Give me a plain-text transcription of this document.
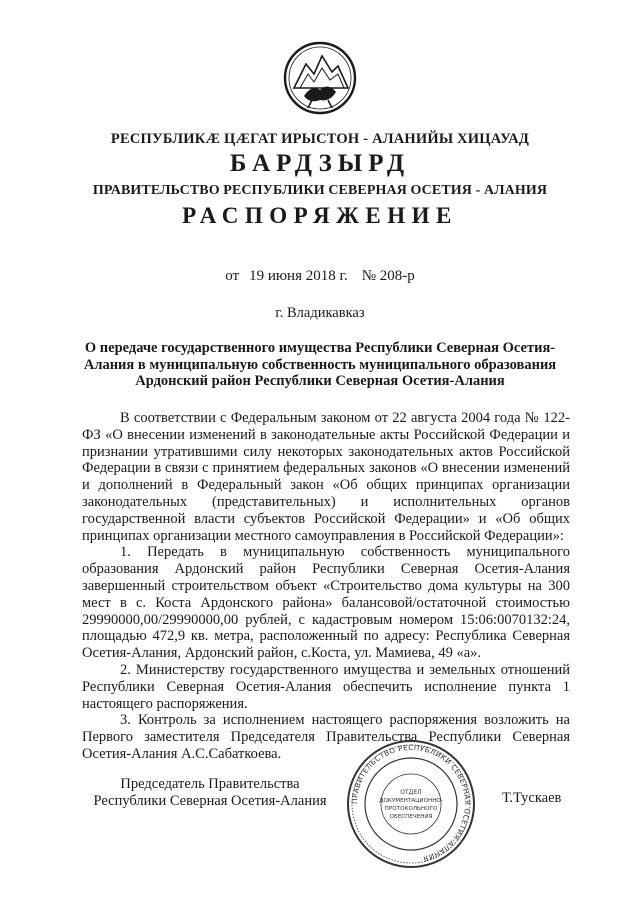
РЕСПУБЛИКÆ ЦÆГАТ ИРЫСТОН - АЛАНИЙЫ ХИЦАУАД
БАРДЗЫРД
ПРАВИТЕЛЬСТВО РЕСПУБЛИКИ СЕВЕРНАЯ ОСЕТИЯ - АЛАНИЯ
РАСПОРЯЖЕНИЕ
от 19 июня 2018 г. № 208-р
г. Владикавказ
О передаче государственного имущества Республики Северная Осетия-Алания в муниципальную собственность муниципального образования Ардонский район Республики Северная Осетия-Алания

В соответствии с Федеральным законом от 22 августа 2004 года № 122-ФЗ «О внесении изменений в законодательные акты Российской Федерации и признании утратившими силу некоторых законодательных актов Российской Федерации в связи с принятием федеральных законов «О внесении изменений и дополнений в Федеральный закон «Об общих принципах организации законодательных (представительных) и исполнительных органов государственной власти субъектов Российской Федерации» и «Об общих принципах организации местного самоуправления в Российской Федерации»:

1. Передать в муниципальную собственность муниципального образования Ардонский район Республики Северная Осетия-Алания завершенный строительством объект «Строительство дома культуры на 300 мест в с. Коста Ардонского района» балансовой/остаточной стоимостью 29990000,00/29990000,00 рублей, с кадастровым номером 15:06:0070132:24, площадью 472,9 кв. метра, расположенный по адресу: Республика Северная Осетия-Алания, Ардонский район, с.Коста, ул. Мамиева, 49 «а».

2. Министерству государственного имущества и земельных отношений Республики Северная Осетия-Алания обеспечить исполнение пункта 1 настоящего распоряжения.

3. Контроль за исполнением настоящего распоряжения возложить на Первого заместителя Председателя Правительства Республики Северная Осетия-Алания А.С.Сабаткоева.

Председатель Правительства
Республики Северная Осетия-Алания	ПРАВИТЕЛЬСТВО РЕСПУБЛИКИ СЕВЕРНАЯ ОСЕТИЯ-АЛАНИЯ
ОТДЕЛ
ДОКУМЕНТАЦИОННО-
ПРОТОКОЛЬНОГО
ОБЕСПЕЧЕНИЯ
Т.Тускаев
